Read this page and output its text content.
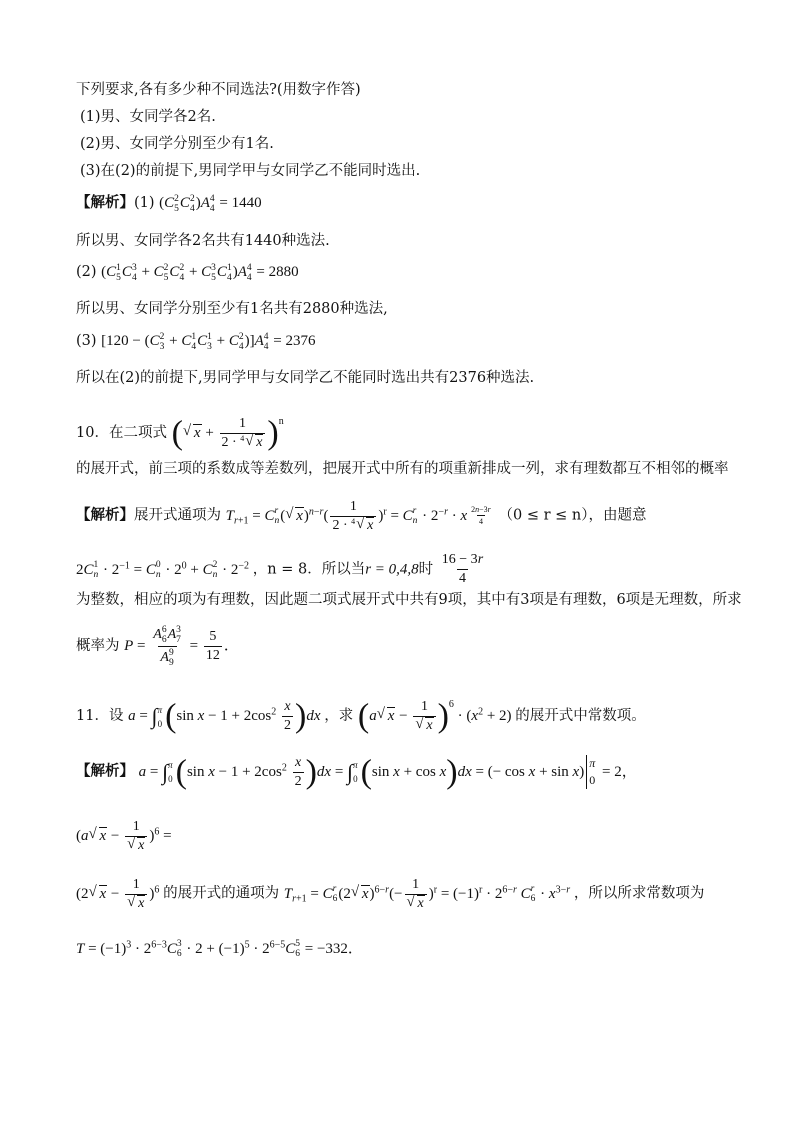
下列要求,各有多少种不同选法?(用数字作答)
(1)男、女同学各2名.
(2)男、女同学分别至少有1名.
(3)在(2)的前提下,男同学甲与女同学乙不能同时选出.
【解析】(1) (C 2
5 C 2
4 )A 4
4 = 1440
所以男、女同学各2名共有1440种选法.
(2) (C 1
5 C 3
4 + C 2
5 C 2
4 + C 3
5 C 1
4 )A 4
4 = 2880
所以男、女同学分别至少有1名共有2880种选法,
(3) [120 − (C 2
3 + C 1
4 C 1
3 + C 2
4 )]A 4
4 = 2376
所以在(2)的前提下,男同学甲与女同学乙不能同时选出共有2376种选法.
10．在二项式 (√ x + 1
2 · 4
√ x )$^n$
的展开式，前三项的系数成等差数列，把展开式中所有的项重新排成一列，求有理数都互不相邻的概率
【解析】展开式通项为 $T_{r+1} = C$ r
n (√ x)$^{n-r}$( 1
2 · 4
√ x )$^r$ = C r
$n \cdot 2^{-r} \cdot x \frac{2n-3r}{4} (0 \le r \le n)$，由题意
2C 1
$n \cdot 2^{-1} = C$ 0
$n \cdot 2^0 + C$ 2
$n \cdot 2^{-2}$ ，n = 8．所以当r = 0,4,8时 $\frac{16 - 3r}{4}$
为整数，相应的项为有理数，因此题二项式展开式中共有9项，其中有3项是有理数，6项是无理数，所求
概率为 P = A 6
6 A 3
7
A 9
$9 = \frac{5}{12}$ ．
11．设 a = ∫ π
0 (sin $x - 1 + 2\cos^2 \frac{x}{2} )dx$ ，求 (a√ x − 1
√ x )$^6 \cdot (x^2 + 2)$ 的展开式中常数项。
【解析】 a = ∫ π
0 (sin $x - 1 + 2\cos^2 \frac{x}{2} )dx$ = ∫ π
0 (sin x + cos x)dx = (− cos x + sin x)
π
0
= 2，
(a√ x − 1
√ x )$^6$ =
(2√ x − 1
√ x )$^6$ 的展开式的通项为 $T_{r+1} = C$ r
6 (2√ x)$^{6-r}$(− 1
√ x )$^r = (-1)^r \cdot 2^{6-r}$ C r
$6 \cdot x^{3-r}$ ，所以所求常数项为
$T = (-1)^3 \cdot 2^{6-3}C$ 3
$6 \cdot 2 + (-1)^5 \cdot 2^{6-5}C$ 5
6 = −332．
